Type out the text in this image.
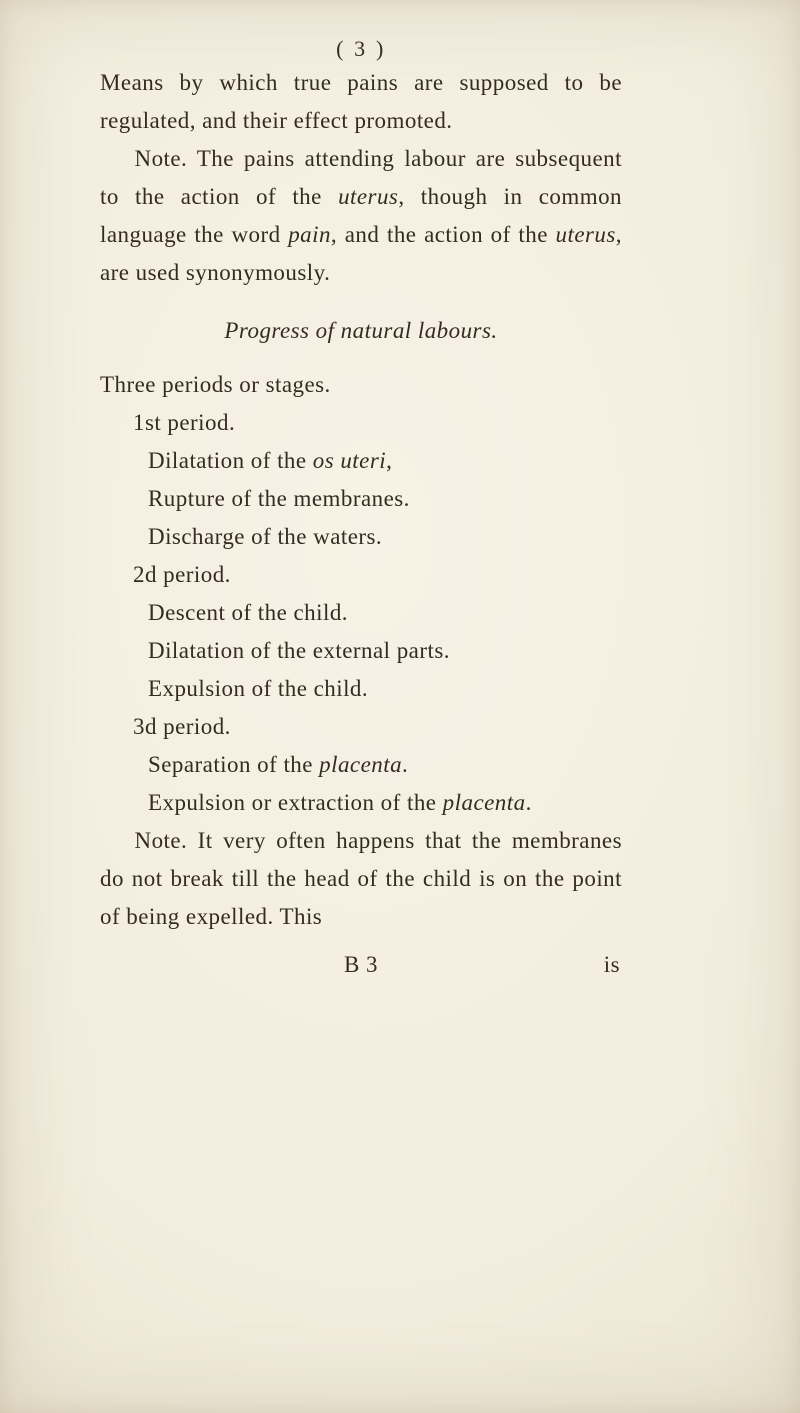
( 3 )

Means by which true pains are supposed to be regulated, and their effect promoted.

Note. The pains attending labour are subsequent to the action of the uterus, though in common language the word pain, and the action of the uterus, are used synonymously.

Progress of natural labours.
Three periods or stages.
1st period.
Dilatation of the os uteri,
Rupture of the membranes.
Discharge of the waters.
2d period.
Descent of the child.
Dilatation of the external parts.
Expulsion of the child.
3d period.
Separation of the placenta.
Expulsion or extraction of the placenta.

Note. It very often happens that the membranes do not break till the head of the child is on the point of being expelled. This

B 3	is
